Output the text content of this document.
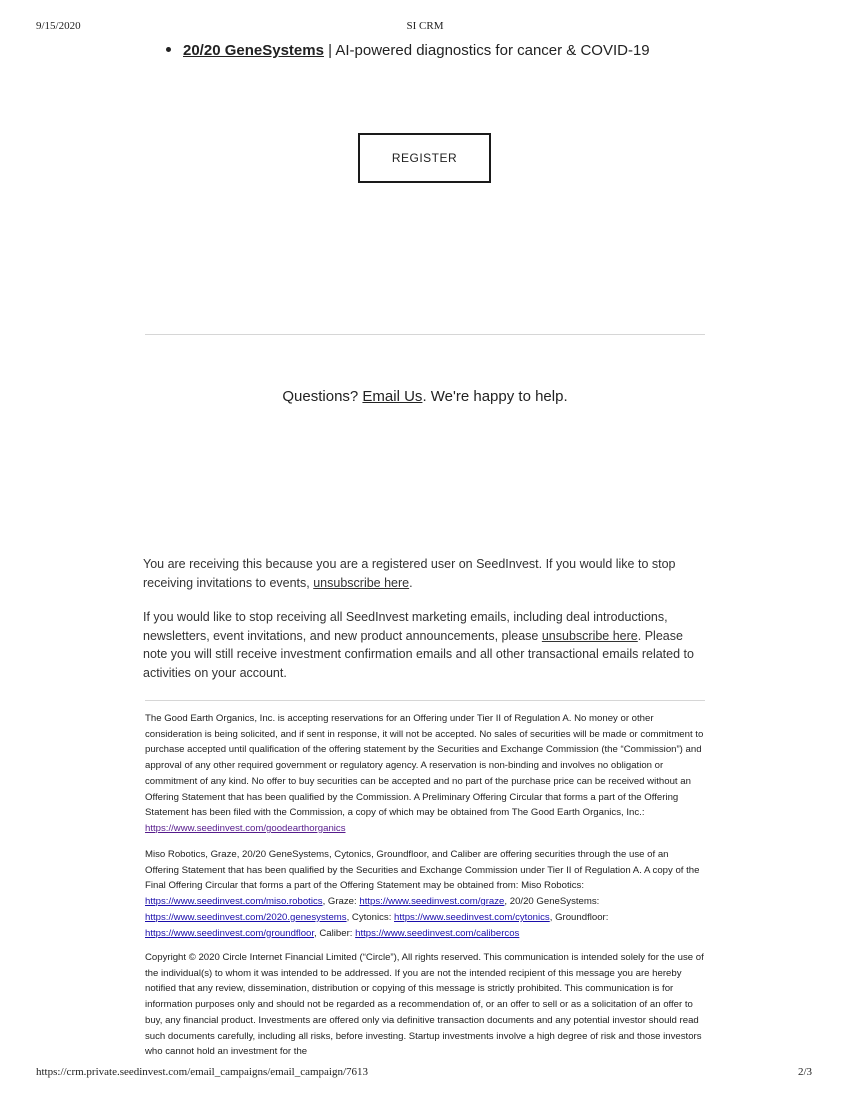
9/15/2020	SI CRM
20/20 GeneSystems | AI-powered diagnostics for cancer & COVID-19
REGISTER
Questions? Email Us. We're happy to help.
You are receiving this because you are a registered user on SeedInvest. If you would like to stop receiving invitations to events, unsubscribe here.
If you would like to stop receiving all SeedInvest marketing emails, including deal introductions, newsletters, event invitations, and new product announcements, please unsubscribe here. Please note you will still receive investment confirmation emails and all other transactional emails related to activities on your account.
The Good Earth Organics, Inc. is accepting reservations for an Offering under Tier II of Regulation A. No money or other consideration is being solicited, and if sent in response, it will not be accepted. No sales of securities will be made or commitment to purchase accepted until qualification of the offering statement by the Securities and Exchange Commission (the “Commission”) and approval of any other required government or regulatory agency. A reservation is non-binding and involves no obligation or commitment of any kind. No offer to buy securities can be accepted and no part of the purchase price can be received without an Offering Statement that has been qualified by the Commission. A Preliminary Offering Circular that forms a part of the Offering Statement has been filed with the Commission, a copy of which may be obtained from The Good Earth Organics, Inc.: https://www.seedinvest.com/goodearthorganics
Miso Robotics, Graze, 20/20 GeneSystems, Cytonics, Groundfloor, and Caliber are offering securities through the use of an Offering Statement that has been qualified by the Securities and Exchange Commission under Tier II of Regulation A. A copy of the Final Offering Circular that forms a part of the Offering Statement may be obtained from: Miso Robotics: https://www.seedinvest.com/miso.robotics, Graze: https://www.seedinvest.com/graze, 20/20 GeneSystems: https://www.seedinvest.com/2020.genesystems, Cytonics: https://www.seedinvest.com/cytonics, Groundfloor: https://www.seedinvest.com/groundfloor, Caliber: https://www.seedinvest.com/calibercos
Copyright © 2020 Circle Internet Financial Limited (“Circle”), All rights reserved. This communication is intended solely for the use of the individual(s) to whom it was intended to be addressed. If you are not the intended recipient of this message you are hereby notified that any review, dissemination, distribution or copying of this message is strictly prohibited. This communication is for information purposes only and should not be regarded as a recommendation of, or an offer to sell or as a solicitation of an offer to buy, any financial product. Investments are offered only via definitive transaction documents and any potential investor should read such documents carefully, including all risks, before investing. Startup investments involve a high degree of risk and those investors who cannot hold an investment for the
https://crm.private.seedinvest.com/email_campaigns/email_campaign/7613	2/3
